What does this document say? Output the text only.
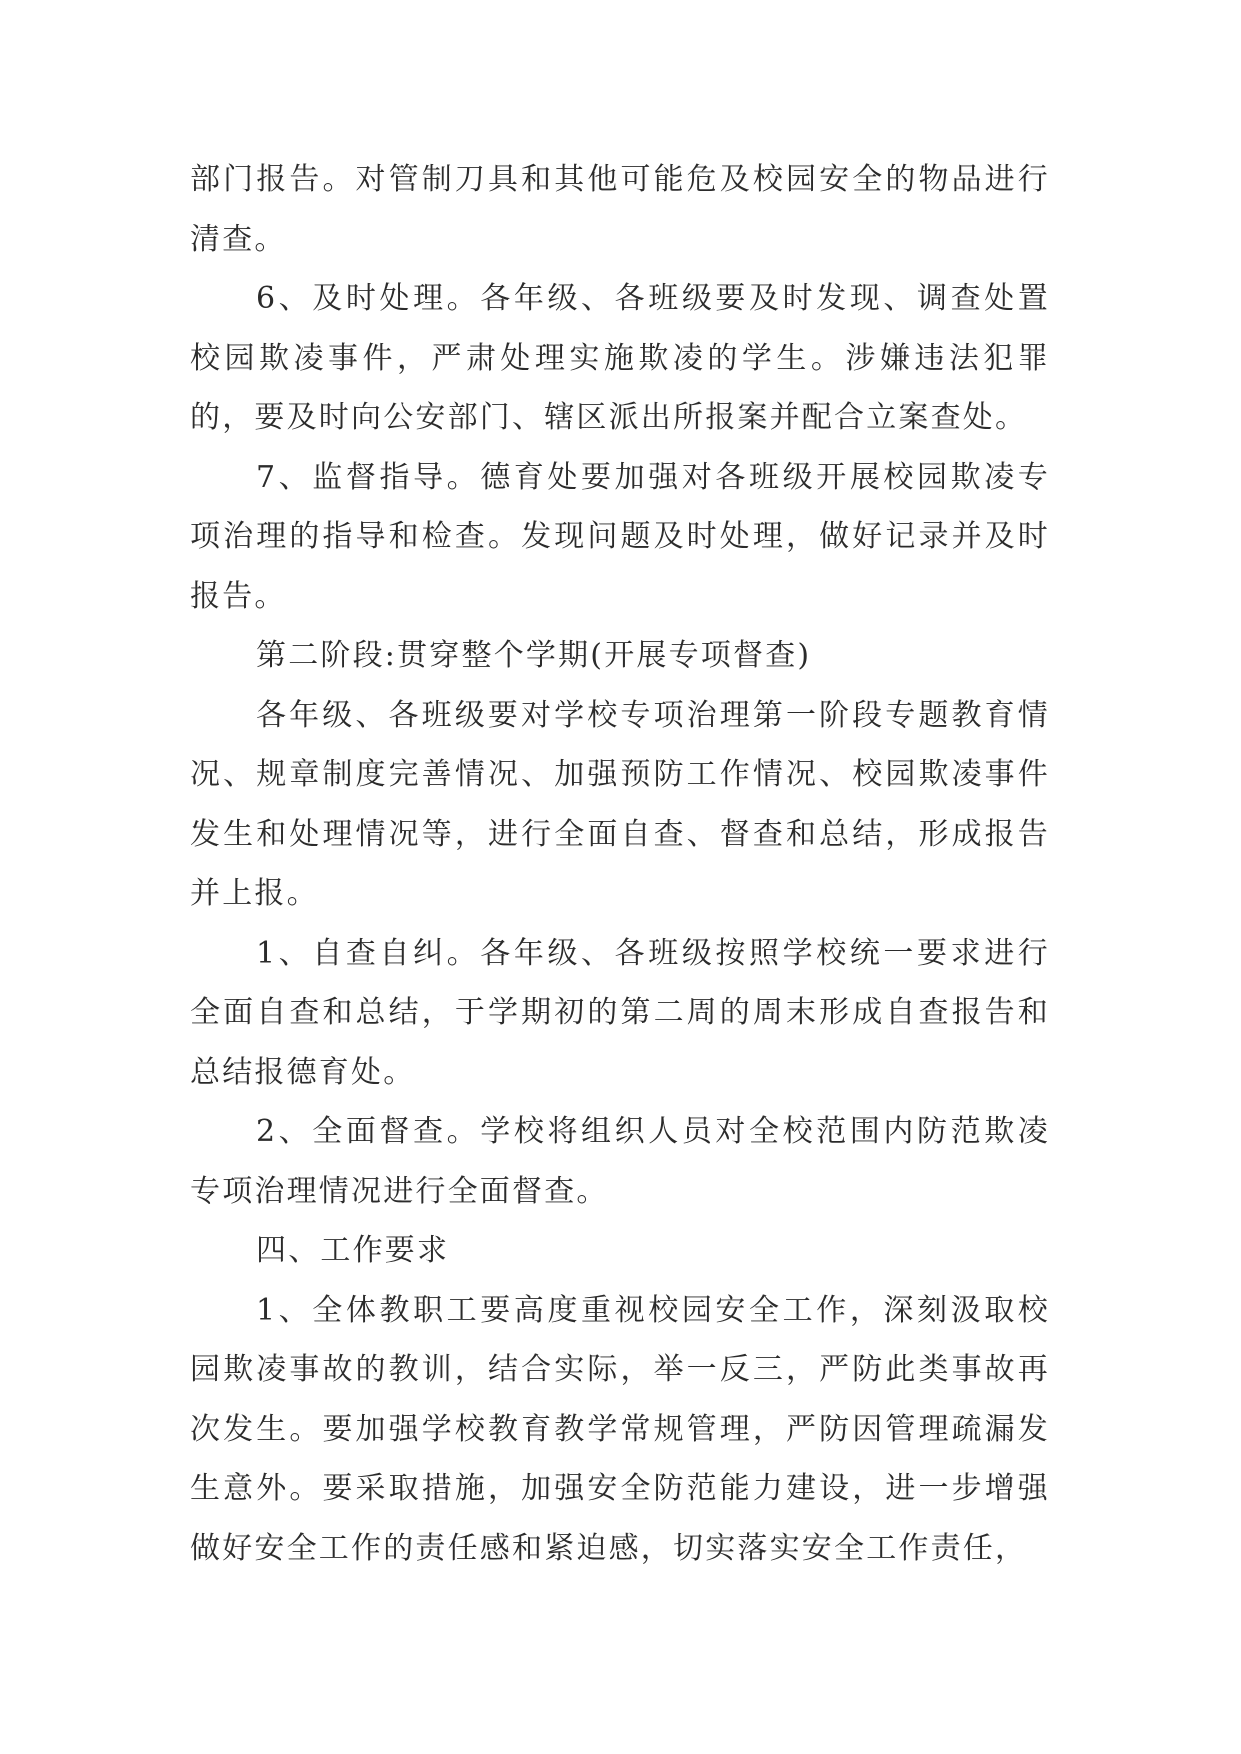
部门报告。对管制刀具和其他可能危及校园安全的物品进行清查。

6、及时处理。各年级、各班级要及时发现、调查处置校园欺凌事件，严肃处理实施欺凌的学生。涉嫌违法犯罪的，要及时向公安部门、辖区派出所报案并配合立案查处。

7、监督指导。德育处要加强对各班级开展校园欺凌专项治理的指导和检查。发现问题及时处理，做好记录并及时报告。

第二阶段:贯穿整个学期(开展专项督查)

各年级、各班级要对学校专项治理第一阶段专题教育情况、规章制度完善情况、加强预防工作情况、校园欺凌事件发生和处理情况等，进行全面自查、督查和总结，形成报告并上报。

1、自查自纠。各年级、各班级按照学校统一要求进行全面自查和总结，于学期初的第二周的周末形成自查报告和总结报德育处。

2、全面督查。学校将组织人员对全校范围内防范欺凌专项治理情况进行全面督查。

四、工作要求

1、全体教职工要高度重视校园安全工作，深刻汲取校园欺凌事故的教训，结合实际，举一反三，严防此类事故再次发生。要加强学校教育教学常规管理，严防因管理疏漏发生意外。要采取措施，加强安全防范能力建设，进一步增强做好安全工作的责任感和紧迫感，切实落实安全工作责任，
